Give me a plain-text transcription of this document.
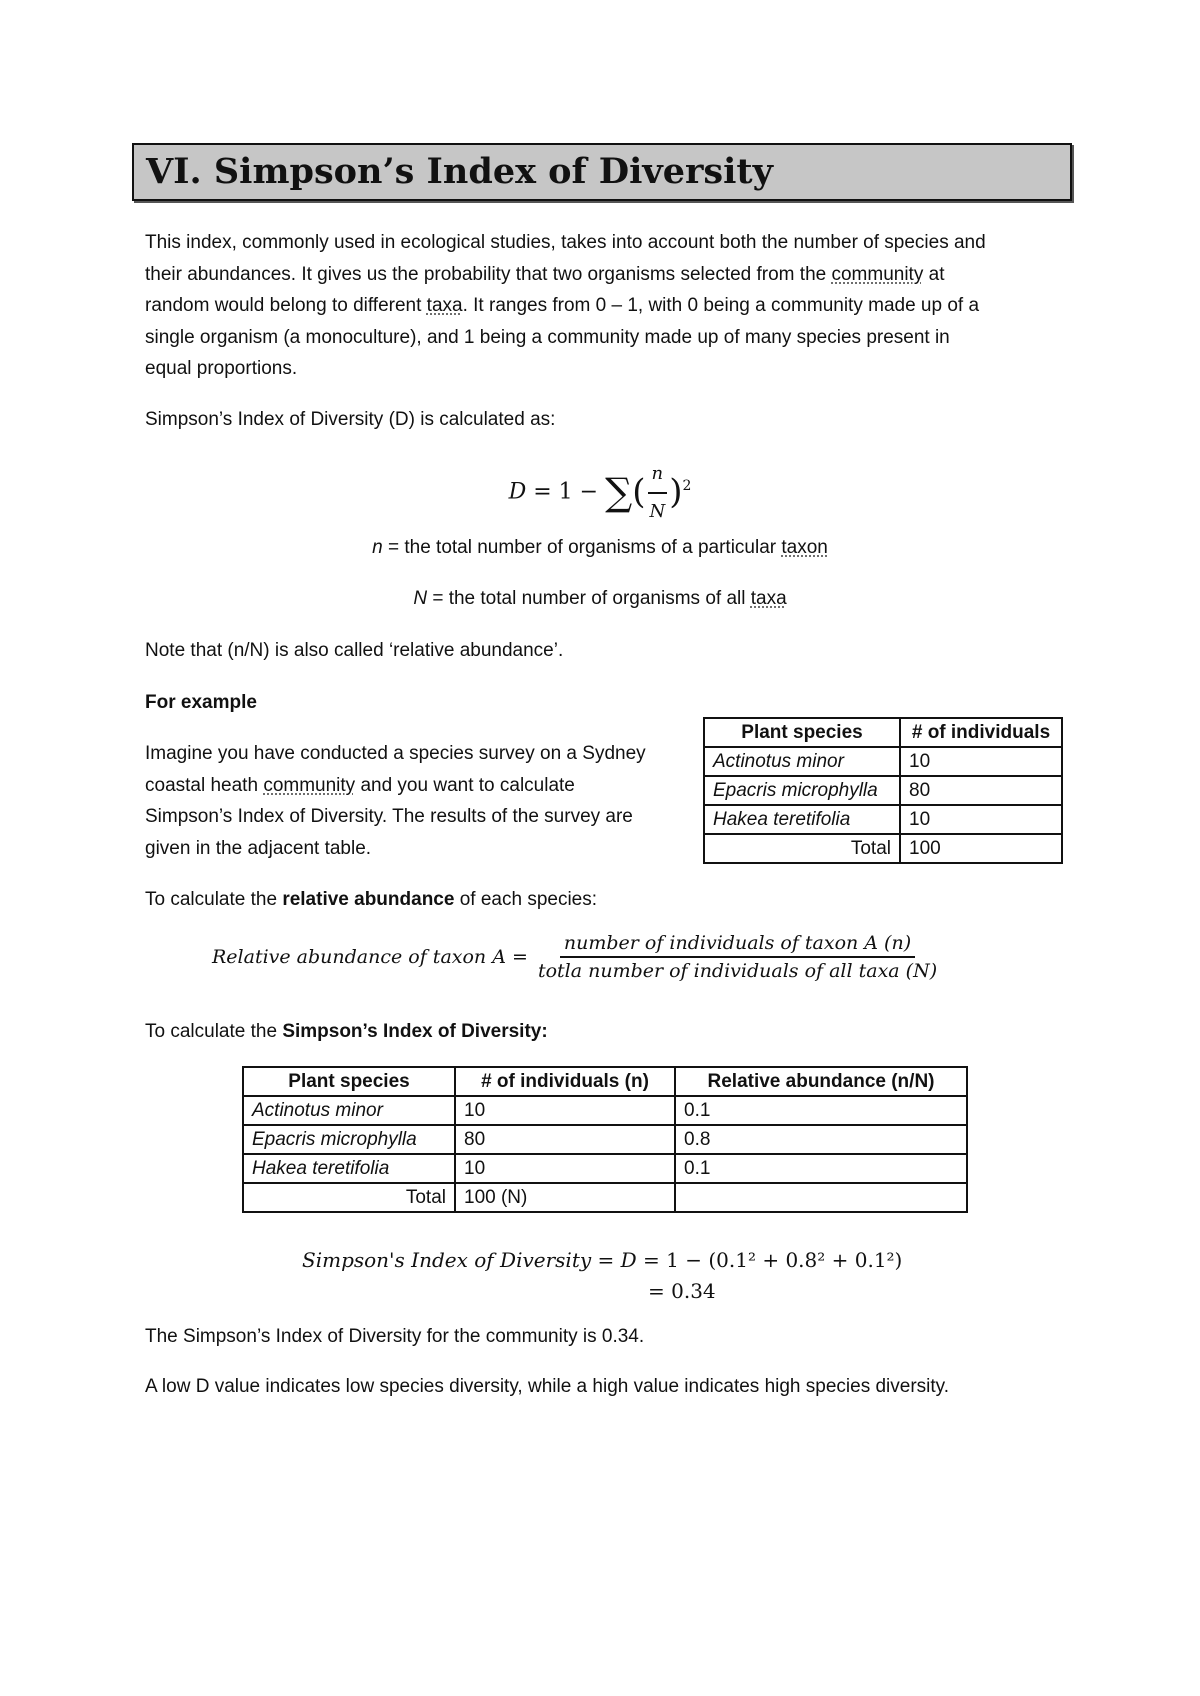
VI. Simpson’s Index of Diversity
This index, commonly used in ecological studies, takes into account both the number of species and
their abundances. It gives us the probability that two organisms selected from the community at
random would belong to different taxa. It ranges from 0 – 1, with 0 being a community made up of a
single organism (a monoculture), and 1 being a community made up of many species present in
equal proportions.
Simpson’s Index of Diversity (D) is calculated as:
D = 1 − ∑( $\frac{n}{N} )^2$
n = the total number of organisms of a particular taxon
N = the total number of organisms of all taxa
Note that (n/N) is also called ‘relative abundance’.
For example
Imagine you have conducted a species survey on a Sydney
coastal heath community and you want to calculate
Simpson’s Index of Diversity. The results of the survey are
given in the adjacent table.
Plant species	# of individuals
Actinotus minor	10
Epacris microphylla	80
Hakea teretifolia	10
Total	100
To calculate the relative abundance of each species:
Relative abundance of taxon $A = \frac{\text{number of individuals of taxon A (n)}}{\text{totla number of individuals of all taxa (N)}}$
To calculate the Simpson’s Index of Diversity:
Plant species	# of individuals (n)	Relative abundance (n/N)
Actinotus minor	10	0.1
Epacris microphylla	80	0.8
Hakea teretifolia	10	0.1
Total	100 (N)	
Simpson's Index of Diversity = D = 1 − (0.1² + 0.8² + 0.1²)
= 0.34
The Simpson’s Index of Diversity for the community is 0.34.
A low D value indicates low species diversity, while a high value indicates high species diversity.
